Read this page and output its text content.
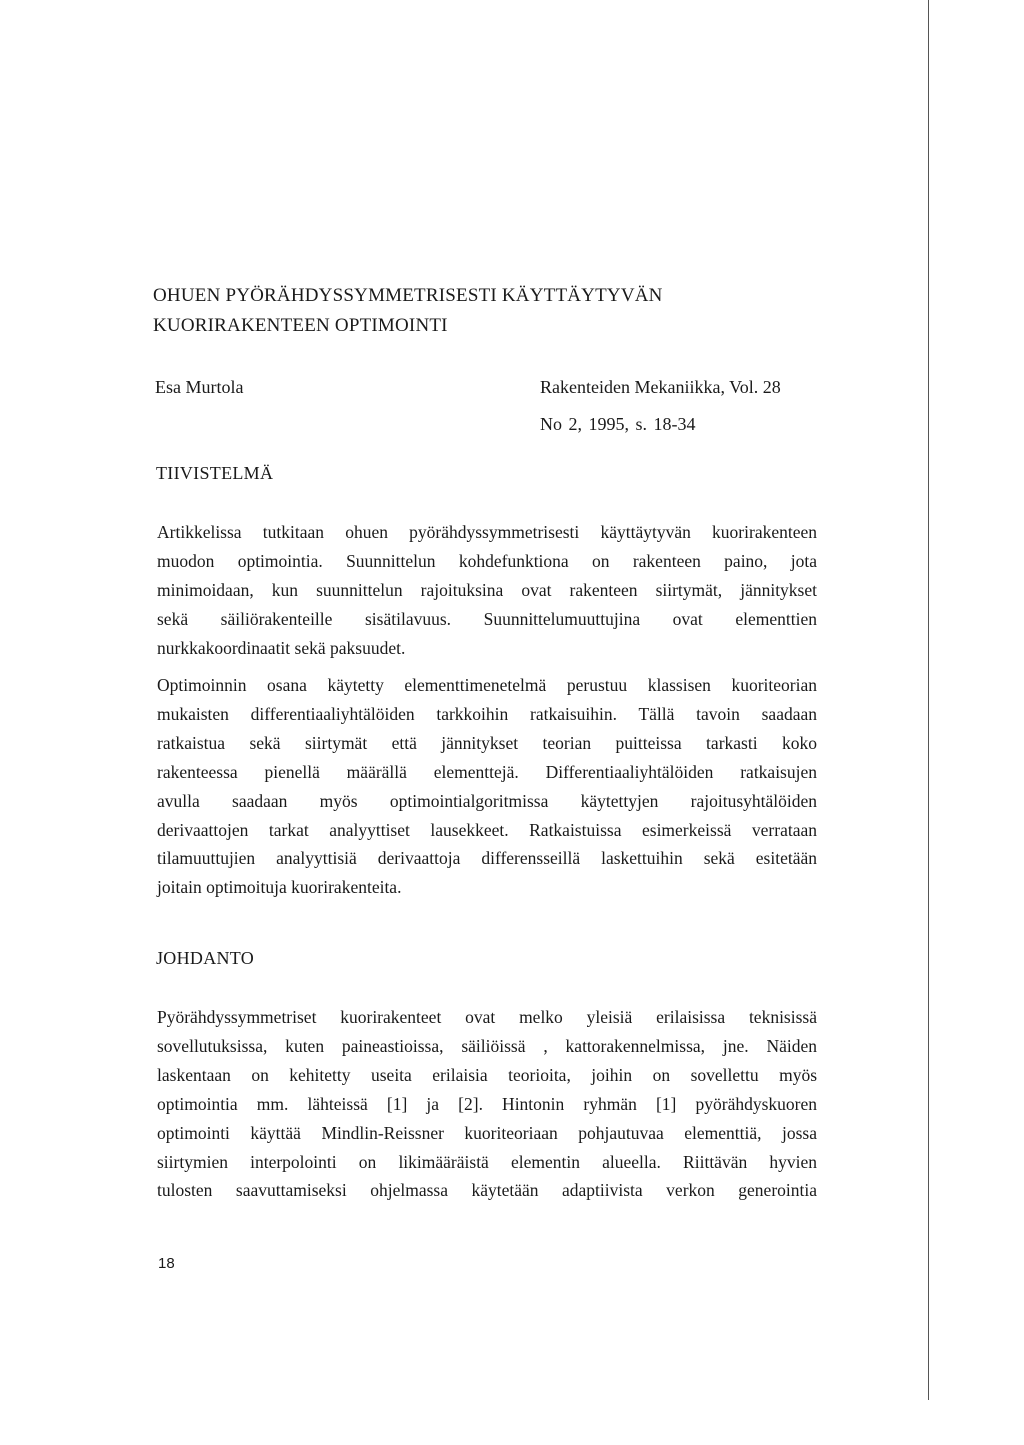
OHUEN PYÖRÄHDYSSYMMETRISESTI KÄYTTÄYTYVÄN
KUORIRAKENTEEN OPTIMOINTI
Esa Murtola	Rakenteiden Mekaniikka, Vol. 28
No 2, 1995, s. 18-34
TIIVISTELMÄ

Artikkelissa tutkitaan ohuen pyörähdyssymmetrisesti käyttäytyvän kuorirakenteen
muodon optimointia. Suunnittelun kohdefunktiona on rakenteen paino, jota
minimoidaan, kun suunnittelun rajoituksina ovat rakenteen siirtymät, jännitykset
sekä säiliörakenteille sisätilavuus. Suunnittelumuuttujina ovat elementtien
nurkkakoordinaatit sekä paksuudet.

Optimoinnin osana käytetty elementtimenetelmä perustuu klassisen kuoriteorian
mukaisten differentiaaliyhtälöiden tarkkoihin ratkaisuihin. Tällä tavoin saadaan
ratkaistua sekä siirtymät että jännitykset teorian puitteissa tarkasti koko
rakenteessa pienellä määrällä elementtejä. Differentiaaliyhtälöiden ratkaisujen
avulla saadaan myös optimointialgoritmissa käytettyjen rajoitusyhtälöiden
derivaattojen tarkat analyyttiset lausekkeet. Ratkaistuissa esimerkeissä verrataan
tilamuuttujien analyyttisiä derivaattoja differensseillä laskettuihin sekä esitetään
joitain optimoituja kuorirakenteita.

JOHDANTO

Pyörähdyssymmetriset kuorirakenteet ovat melko yleisiä erilaisissa teknisissä
sovellutuksissa, kuten paineastioissa, säiliöissä , kattorakennelmissa, jne. Näiden
laskentaan on kehitetty useita erilaisia teorioita, joihin on sovellettu myös
optimointia mm. lähteissä [1] ja [2]. Hintonin ryhmän [1] pyörähdyskuoren
optimointi käyttää Mindlin-Reissner kuoriteoriaan pohjautuvaa elementtiä, jossa
siirtymien interpolointi on likimääräistä elementin alueella. Riittävän hyvien
tulosten saavuttamiseksi ohjelmassa käytetään adaptiivista verkon generointia

18
